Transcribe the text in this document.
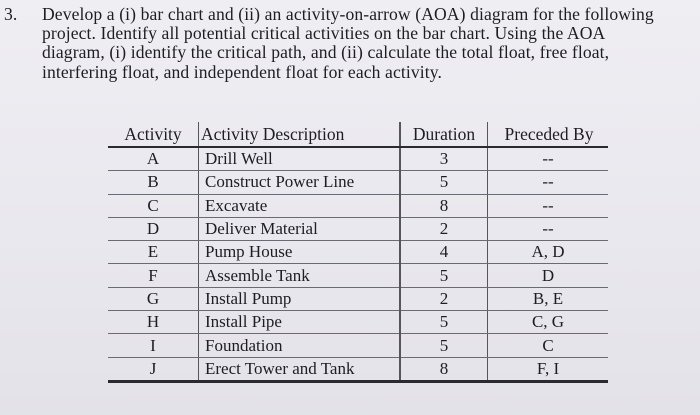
3. Develop a (i) bar chart and (ii) an activity-on-arrow (AOA) diagram for the following
project. Identify all potential critical activities on the bar chart. Using the AOA
diagram, (i) identify the critical path, and (ii) calculate the total float, free float,
interfering float, and independent float for each activity.
Activity	Activity Description	Duration	Preceded By
A	Drill Well	3	--
B	Construct Power Line	5	--
C	Excavate	8	--
D	Deliver Material	2	--
E	Pump House	4	A, D
F	Assemble Tank	5	D
G	Install Pump	2	B, E
H	Install Pipe	5	C, G
I	Foundation	5	C
J	Erect Tower and Tank	8	F, I
